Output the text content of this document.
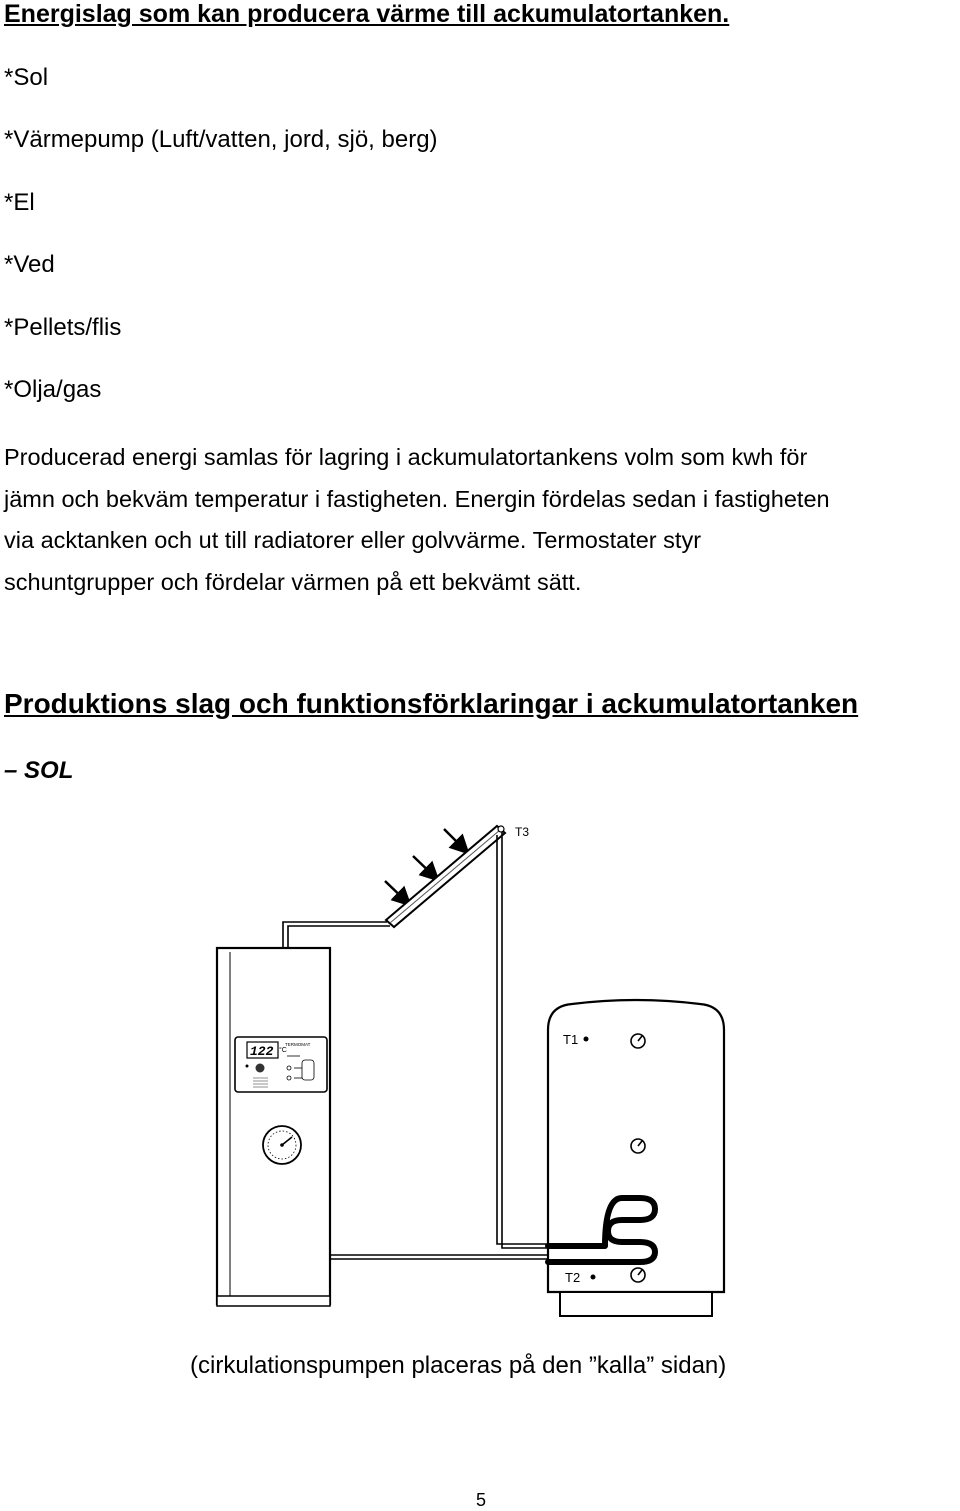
Energislag som kan producera värme till ackumulatortanken.

*Sol

*Värmepump (Luft/vatten, jord, sjö, berg)

*El

*Ved

*Pellets/flis

*Olja/gas

Producerad energi samlas för lagring i ackumulatortankens volm som kwh för
jämn och bekväm temperatur i fastigheten. Energin fördelas sedan i fastigheten
via acktanken och ut till radiatorer eller golvvärme. Termostater styr
schuntgrupper och fördelar värmen på ett bekvämt sätt.
Produktions slag och funktionsförklaringar i ackumulatortanken

– SOL

T3
122 °C
TERMOMAT	T1
T2

(cirkulationspumpen placeras på den ”kalla” sidan)

5
